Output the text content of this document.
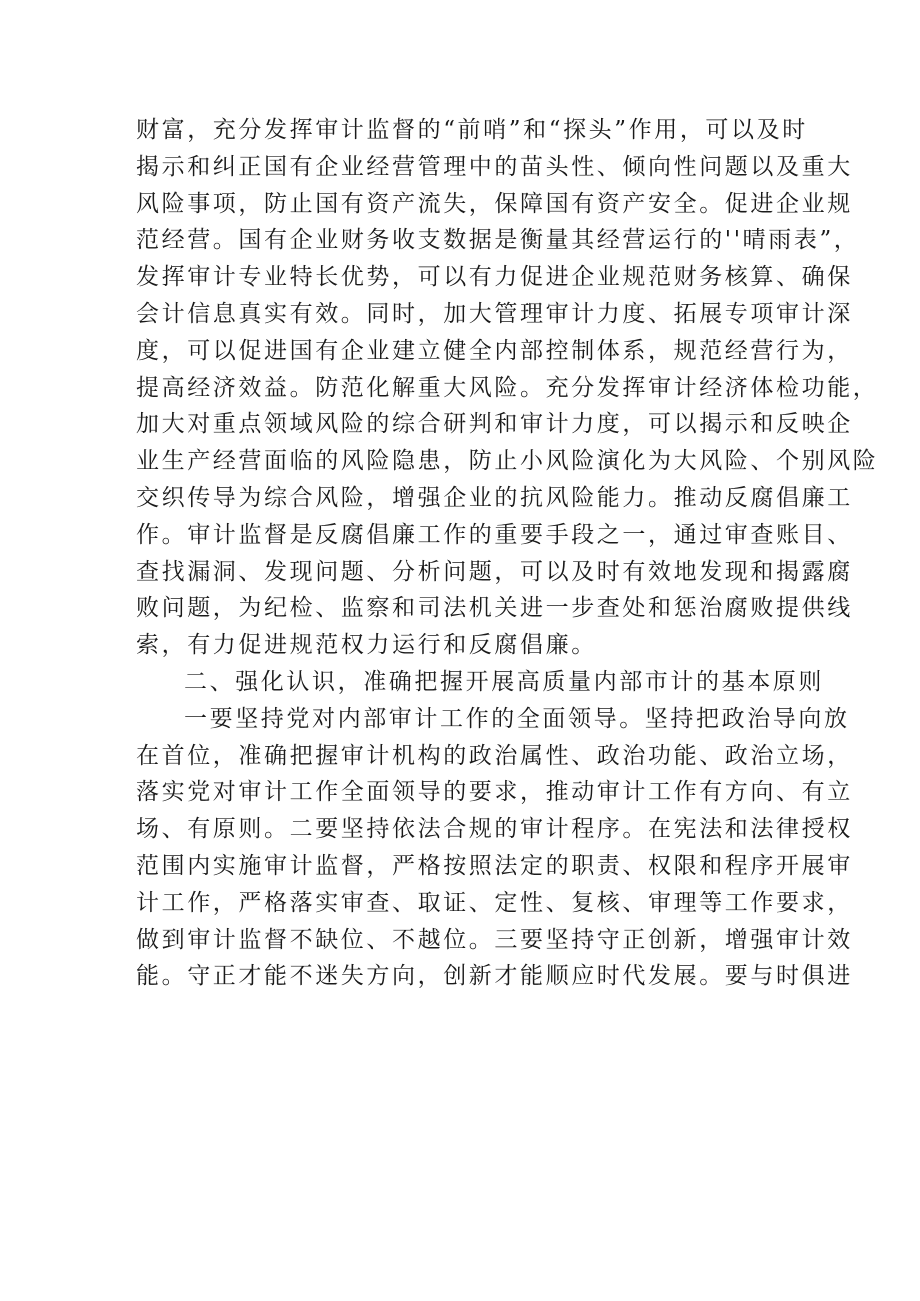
财富，充分发挥审计监督的“前哨”和“探头”作用，可以及时
揭示和纠正国有企业经营管理中的苗头性、倾向性问题以及重大
风险事项，防止国有资产流失，保障国有资产安全。促进企业规
范经营。国有企业财务收支数据是衡量其经营运行的''晴雨表”，
发挥审计专业特长优势，可以有力促进企业规范财务核算、确保
会计信息真实有效。同时，加大管理审计力度、拓展专项审计深
度，可以促进国有企业建立健全内部控制体系，规范经营行为，
提高经济效益。防范化解重大风险。充分发挥审计经济体检功能，
加大对重点领域风险的综合研判和审计力度，可以揭示和反映企
业生产经营面临的风险隐患，防止小风险演化为大风险、个别风险
交织传导为综合风险，增强企业的抗风险能力。推动反腐倡廉工
作。审计监督是反腐倡廉工作的重要手段之一，通过审查账目、
查找漏洞、发现问题、分析问题，可以及时有效地发现和揭露腐
败问题，为纪检、监察和司法机关进一步查处和惩治腐败提供线
索，有力促进规范权力运行和反腐倡廉。
二、强化认识，准确把握开展高质量内部市计的基本原则
一要坚持党对内部审计工作的全面领导。坚持把政治导向放
在首位，准确把握审计机构的政治属性、政治功能、政治立场，
落实党对审计工作全面领导的要求，推动审计工作有方向、有立
场、有原则。二要坚持依法合规的审计程序。在宪法和法律授权
范围内实施审计监督，严格按照法定的职责、权限和程序开展审
计工作，严格落实审查、取证、定性、复核、审理等工作要求，
做到审计监督不缺位、不越位。三要坚持守正创新，增强审计效
能。守正才能不迷失方向，创新才能顺应时代发展。要与时俱进
